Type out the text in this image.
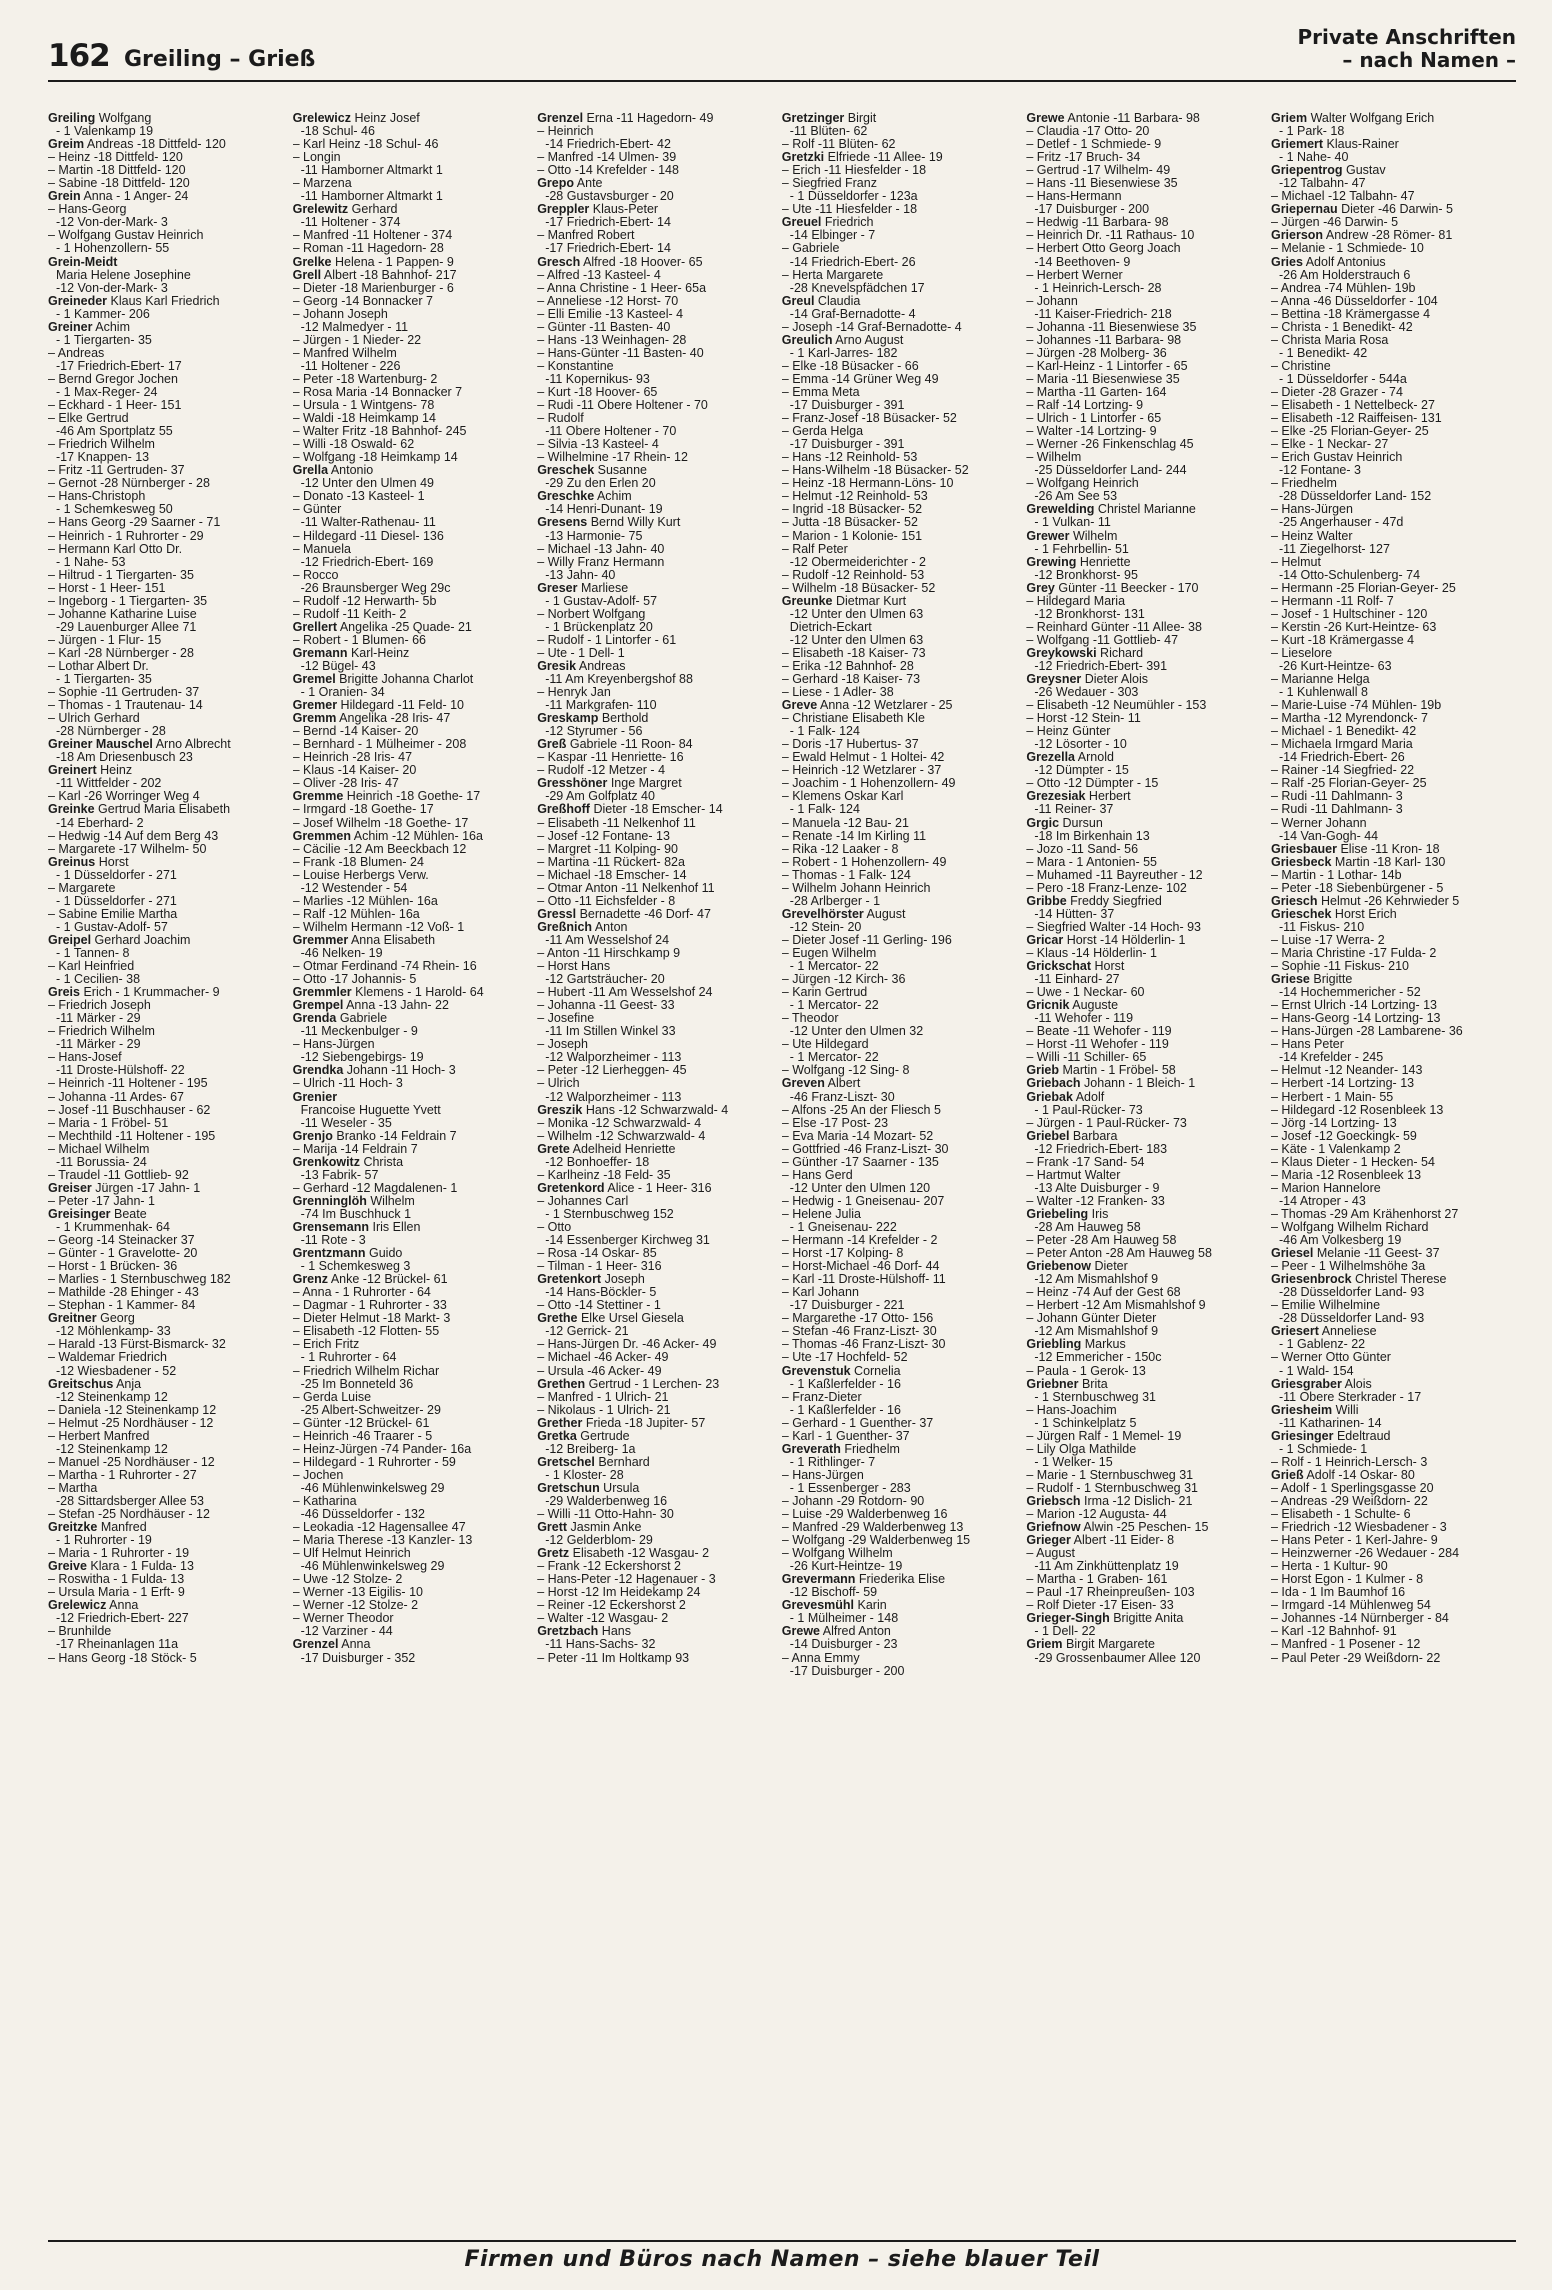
162 Greiling – Grieß
Private Anschriften
– nach Namen –
Greiling Wolfgang
- 1 Valenkamp 19
Greim Andreas -18 Dittfeld- 120
– Heinz -18 Dittfeld- 120
– Martin -18 Dittfeld- 120
– Sabine -18 Dittfeld- 120
Grein Anna - 1 Anger- 24
– Hans-Georg
-12 Von-der-Mark- 3
– Wolfgang Gustav Heinrich
- 1 Hohenzollern- 55
Grein-Meidt
Maria Helene Josephine
-12 Von-der-Mark- 3
Greineder Klaus Karl Friedrich
- 1 Kammer- 206
Greiner Achim
- 1 Tiergarten- 35
– Andreas
-17 Friedrich-Ebert- 17
– Bernd Gregor Jochen
- 1 Max-Reger- 24
– Eckhard - 1 Heer- 151
– Elke Gertrud
-46 Am Sportplatz 55
– Friedrich Wilhelm
-17 Knappen- 13
– Fritz -11 Gertruden- 37
– Gernot -28 Nürnberger - 28
– Hans-Christoph
- 1 Schemkesweg 50
– Hans Georg -29 Saarner - 71
– Heinrich - 1 Ruhrorter - 29
– Hermann Karl Otto Dr.
- 1 Nahe- 53
– Hiltrud - 1 Tiergarten- 35
– Horst - 1 Heer- 151
– Ingeborg - 1 Tiergarten- 35
– Johanne Katharine Luise
-29 Lauenburger Allee 71
– Jürgen - 1 Flur- 15
– Karl -28 Nürnberger - 28
– Lothar Albert Dr.
- 1 Tiergarten- 35
– Sophie -11 Gertruden- 37
– Thomas - 1 Trautenau- 14
– Ulrich Gerhard
-28 Nürnberger - 28
Greiner Mauschel Arno Albrecht
-18 Am Driesenbusch 23
Greinert Heinz
-11 Wittfelder - 202
– Karl -26 Worringer Weg 4
Greinke Gertrud Maria Elisabeth
-14 Eberhard- 2
– Hedwig -14 Auf dem Berg 43
– Margarete -17 Wilhelm- 50
Greinus Horst
- 1 Düsseldorfer - 271
– Margarete
- 1 Düsseldorfer - 271
– Sabine Emilie Martha
- 1 Gustav-Adolf- 57
Greipel Gerhard Joachim
- 1 Tannen- 8
– Karl Heinfried
- 1 Cecilien- 38
Greis Erich - 1 Krummacher- 9
– Friedrich Joseph
-11 Märker - 29
– Friedrich Wilhelm
-11 Märker - 29
– Hans-Josef
-11 Droste-Hülshoff- 22
– Heinrich -11 Holtener - 195
– Johanna -11 Ardes- 67
– Josef -11 Buschhauser - 62
– Maria - 1 Fröbel- 51
– Mechthild -11 Holtener - 195
– Michael Wilhelm
-11 Borussia- 24
– Traudel -11 Gottlieb- 92
Greiser Jürgen -17 Jahn- 1
– Peter -17 Jahn- 1
Greisinger Beate
- 1 Krummenhak- 64
– Georg -14 Steinacker 37
– Günter - 1 Gravelotte- 20
– Horst - 1 Brücken- 36
– Marlies - 1 Sternbuschweg 182
– Mathilde -28 Ehinger - 43
– Stephan - 1 Kammer- 84
Greitner Georg
-12 Möhlenkamp- 33
– Harald -13 Fürst-Bismarck- 32
– Waldemar Friedrich
-12 Wiesbadener - 52
Greitschus Anja
-12 Steinenkamp 12
– Daniela -12 Steinenkamp 12
– Helmut -25 Nordhäuser - 12
– Herbert Manfred
-12 Steinenkamp 12
– Manuel -25 Nordhäuser - 12
– Martha - 1 Ruhrorter - 27
– Martha
-28 Sittardsberger Allee 53
– Stefan -25 Nordhäuser - 12
Greitzke Manfred
- 1 Ruhrorter - 19
– Maria - 1 Ruhrorter - 19
Greive Klara - 1 Fulda- 13
– Roswitha - 1 Fulda- 13
– Ursula Maria - 1 Erft- 9
Grelewicz Anna
-12 Friedrich-Ebert- 227
– Brunhilde
-17 Rheinanlagen 11a
– Hans Georg -18 Stöck- 5
Grelewicz Heinz Josef
-18 Schul- 46
– Karl Heinz -18 Schul- 46
– Longin
-11 Hamborner Altmarkt 1
– Marzena
-11 Hamborner Altmarkt 1
Grelewitz Gerhard
-11 Holtener - 374
– Manfred -11 Holtener - 374
– Roman -11 Hagedorn- 28
Grelke Helena - 1 Pappen- 9
Grell Albert -18 Bahnhof- 217
– Dieter -18 Marienburger - 6
– Georg -14 Bonnacker 7
– Johann Joseph
-12 Malmedyer - 11
– Jürgen - 1 Nieder- 22
– Manfred Wilhelm
-11 Holtener - 226
– Peter -18 Wartenburg- 2
– Rosa Maria -14 Bonnacker 7
– Ursula - 1 Wintgens- 78
– Waldi -18 Heimkamp 14
– Walter Fritz -18 Bahnhof- 245
– Willi -18 Oswald- 62
– Wolfgang -18 Heimkamp 14
Grella Antonio
-12 Unter den Ulmen 49
– Donato -13 Kasteel- 1
– Günter
-11 Walter-Rathenau- 11
– Hildegard -11 Diesel- 136
– Manuela
-12 Friedrich-Ebert- 169
– Rocco
-26 Braunsberger Weg 29c
– Rudolf -12 Herwarth- 5b
– Rudolf -11 Keith- 2
Grellert Angelika -25 Quade- 21
– Robert - 1 Blumen- 66
Gremann Karl-Heinz
-12 Bügel- 43
Gremel Brigitte Johanna Charlot
- 1 Oranien- 34
Gremer Hildegard -11 Feld- 10
Gremm Angelika -28 Iris- 47
– Bernd -14 Kaiser- 20
– Bernhard - 1 Mülheimer - 208
– Heinrich -28 Iris- 47
– Klaus -14 Kaiser- 20
– Oliver -28 Iris- 47
Gremme Heinrich -18 Goethe- 17
– Irmgard -18 Goethe- 17
– Josef Wilhelm -18 Goethe- 17
Gremmen Achim -12 Mühlen- 16a
– Cäcilie -12 Am Beeckbach 12
– Frank -18 Blumen- 24
– Louise Herbergs Verw.
-12 Westender - 54
– Marlies -12 Mühlen- 16a
– Ralf -12 Mühlen- 16a
– Wilhelm Hermann -12 Voß- 1
Gremmer Anna Elisabeth
-46 Nelken- 19
– Otmar Ferdinand -74 Rhein- 16
– Otto -17 Johannis- 5
Gremmler Klemens - 1 Harold- 64
Grempel Anna -13 Jahn- 22
Grenda Gabriele
-11 Meckenbulger - 9
– Hans-Jürgen
-12 Siebengebirgs- 19
Grendka Johann -11 Hoch- 3
– Ulrich -11 Hoch- 3
Grenier
Francoise Huguette Yvett
-11 Weseler - 35
Grenjo Branko -14 Feldrain 7
– Marija -14 Feldrain 7
Grenkowitz Christa
-13 Fabrik- 57
– Gerhard -12 Magdalenen- 1
Grenninglöh Wilhelm
-74 Im Buschhuck 1
Grensemann Iris Ellen
-11 Rote - 3
Grentzmann Guido
- 1 Schemkesweg 3
Grenz Anke -12 Brückel- 61
– Anna - 1 Ruhrorter - 64
– Dagmar - 1 Ruhrorter - 33
– Dieter Helmut -18 Markt- 3
– Elisabeth -12 Flotten- 55
– Erich Fritz
- 1 Ruhrorter - 64
– Friedrich Wilhelm Richar
-25 Im Bonneteld 36
– Gerda Luise
-25 Albert-Schweitzer- 29
– Günter -12 Brückel- 61
– Heinrich -46 Traarer - 5
– Heinz-Jürgen -74 Pander- 16a
– Hildegard - 1 Ruhrorter - 59
– Jochen
-46 Mühlenwinkelsweg 29
– Katharina
-46 Düsseldorfer - 132
– Leokadia -12 Hagensallee 47
– Maria Therese -13 Kanzler- 13
– Ulf Helmut Heinrich
-46 Mühlenwinkelsweg 29
– Uwe -12 Stolze- 2
– Werner -13 Eigilis- 10
– Werner -12 Stolze- 2
– Werner Theodor
-12 Varziner - 44
Grenzel Anna
-17 Duisburger - 352
Grenzel Erna -11 Hagedorn- 49
– Heinrich
-14 Friedrich-Ebert- 42
– Manfred -14 Ulmen- 39
– Otto -14 Krefelder - 148
Grepo Ante
-28 Gustavsburger - 20
Greppler Klaus-Peter
-17 Friedrich-Ebert- 14
– Manfred Robert
-17 Friedrich-Ebert- 14
Gresch Alfred -18 Hoover- 65
– Alfred -13 Kasteel- 4
– Anna Christine - 1 Heer- 65a
– Anneliese -12 Horst- 70
– Elli Emilie -13 Kasteel- 4
– Günter -11 Basten- 40
– Hans -13 Weinhagen- 28
– Hans-Günter -11 Basten- 40
– Konstantine
-11 Kopernikus- 93
– Kurt -18 Hoover- 65
– Rudi -11 Obere Holtener - 70
– Rudolf
-11 Obere Holtener - 70
– Silvia -13 Kasteel- 4
– Wilhelmine -17 Rhein- 12
Greschek Susanne
-29 Zu den Erlen 20
Greschke Achim
-14 Henri-Dunant- 19
Gresens Bernd Willy Kurt
-13 Harmonie- 75
– Michael -13 Jahn- 40
– Willy Franz Hermann
-13 Jahn- 40
Greser Marliese
- 1 Gustav-Adolf- 57
– Norbert Wolfgang
- 1 Brückenplatz 20
– Rudolf - 1 Lintorfer - 61
– Ute - 1 Dell- 1
Gresik Andreas
-11 Am Kreyenbergshof 88
– Henryk Jan
-11 Markgrafen- 110
Greskamp Berthold
-12 Styrumer - 56
Greß Gabriele -11 Roon- 84
– Kaspar -11 Henriette- 16
– Rudolf -12 Metzer - 4
Gresshöner Inge Margret
-29 Am Golfplatz 40
Greßhoff Dieter -18 Emscher- 14
– Elisabeth -11 Nelkenhof 11
– Josef -12 Fontane- 13
– Margret -11 Kolping- 90
– Martina -11 Rückert- 82a
– Michael -18 Emscher- 14
– Otmar Anton -11 Nelkenhof 11
– Otto -11 Eichsfelder - 8
Gressl Bernadette -46 Dorf- 47
Greßnich Anton
-11 Am Wesselshof 24
– Anton -11 Hirschkamp 9
– Horst Hans
-12 Gartsträucher- 20
– Hubert -11 Am Wesselshof 24
– Johanna -11 Geest- 33
– Josefine
-11 Im Stillen Winkel 33
– Joseph
-12 Walporzheimer - 113
– Peter -12 Lierheggen- 45
– Ulrich
-12 Walporzheimer - 113
Greszik Hans -12 Schwarzwald- 4
– Monika -12 Schwarzwald- 4
– Wilhelm -12 Schwarzwald- 4
Grete Adelheid Henriette
-12 Bonhoeffer- 18
– Karlheinz -18 Feld- 35
Gretenkord Alice - 1 Heer- 316
– Johannes Carl
- 1 Sternbuschweg 152
– Otto
-14 Essenberger Kirchweg 31
– Rosa -14 Oskar- 85
– Tilman - 1 Heer- 316
Gretenkort Joseph
-14 Hans-Böckler- 5
– Otto -14 Stettiner - 1
Grethe Elke Ursel Giesela
-12 Gerrick- 21
– Hans-Jürgen Dr. -46 Acker- 49
– Michael -46 Acker- 49
– Ursula -46 Acker- 49
Grethen Gertrud - 1 Lerchen- 23
– Manfred - 1 Ulrich- 21
– Nikolaus - 1 Ulrich- 21
Grether Frieda -18 Jupiter- 57
Gretka Gertrude
-12 Breiberg- 1a
Gretschel Bernhard
- 1 Kloster- 28
Gretschun Ursula
-29 Walderbenweg 16
– Willi -11 Otto-Hahn- 30
Grett Jasmin Anke
-12 Gelderblom- 29
Gretz Elisabeth -12 Wasgau- 2
– Frank -12 Eckershorst 2
– Hans-Peter -12 Hagenauer - 3
– Horst -12 Im Heidekamp 24
– Reiner -12 Eckershorst 2
– Walter -12 Wasgau- 2
Gretzbach Hans
-11 Hans-Sachs- 32
– Peter -11 Im Holtkamp 93
Gretzinger Birgit
-11 Blüten- 62
– Rolf -11 Blüten- 62
Gretzki Elfriede -11 Allee- 19
– Erich -11 Hiesfelder - 18
– Siegfried Franz
- 1 Düsseldorfer - 123a
– Ute -11 Hiesfelder - 18
Greuel Friedrich
-14 Elbinger - 7
– Gabriele
-14 Friedrich-Ebert- 26
– Herta Margarete
-28 Knevelspfädchen 17
Greul Claudia
-14 Graf-Bernadotte- 4
– Joseph -14 Graf-Bernadotte- 4
Greulich Arno August
- 1 Karl-Jarres- 182
– Elke -18 Büsacker - 66
– Emma -14 Grüner Weg 49
– Emma Meta
-17 Duisburger - 391
– Franz-Josef -18 Büsacker- 52
– Gerda Helga
-17 Duisburger - 391
– Hans -12 Reinhold- 53
– Hans-Wilhelm -18 Büsacker- 52
– Heinz -18 Hermann-Löns- 10
– Helmut -12 Reinhold- 53
– Ingrid -18 Büsacker- 52
– Jutta -18 Büsacker- 52
– Marion - 1 Kolonie- 151
– Ralf Peter
-12 Obermeiderichter - 2
– Rudolf -12 Reinhold- 53
– Wilhelm -18 Büsacker- 52
Greunke Dietmar Kurt
-12 Unter den Ulmen 63
Dietrich-Eckart
-12 Unter den Ulmen 63
– Elisabeth -18 Kaiser- 73
– Erika -12 Bahnhof- 28
– Gerhard -18 Kaiser- 73
– Liese - 1 Adler- 38
Greve Anna -12 Wetzlarer - 25
– Christiane Elisabeth Kle
- 1 Falk- 124
– Doris -17 Hubertus- 37
– Ewald Helmut - 1 Holtei- 42
– Heinrich -12 Wetzlarer - 37
– Joachim - 1 Hohenzollern- 49
– Klemens Oskar Karl
- 1 Falk- 124
– Manuela -12 Bau- 21
– Renate -14 Im Kirling 11
– Rika -12 Laaker - 8
– Robert - 1 Hohenzollern- 49
– Thomas - 1 Falk- 124
– Wilhelm Johann Heinrich
-28 Arlberger - 1
Grevelhörster August
-12 Stein- 20
– Dieter Josef -11 Gerling- 196
– Eugen Wilhelm
- 1 Mercator- 22
– Jürgen -12 Kirch- 36
– Karin Gertrud
- 1 Mercator- 22
– Theodor
-12 Unter den Ulmen 32
– Ute Hildegard
- 1 Mercator- 22
– Wolfgang -12 Sing- 8
Greven Albert
-46 Franz-Liszt- 30
– Alfons -25 An der Fliesch 5
– Else -17 Post- 23
– Eva Maria -14 Mozart- 52
– Gottfried -46 Franz-Liszt- 30
– Günther -17 Saarner - 135
– Hans Gerd
-12 Unter den Ulmen 120
– Hedwig - 1 Gneisenau- 207
– Helene Julia
- 1 Gneisenau- 222
– Hermann -14 Krefelder - 2
– Horst -17 Kolping- 8
– Horst-Michael -46 Dorf- 44
– Karl -11 Droste-Hülshoff- 11
– Karl Johann
-17 Duisburger - 221
– Margarethe -17 Otto- 156
– Stefan -46 Franz-Liszt- 30
– Thomas -46 Franz-Liszt- 30
– Ute -17 Hochfeld- 52
Grevenstuk Cornelia
- 1 Kaßlerfelder - 16
– Franz-Dieter
- 1 Kaßlerfelder - 16
– Gerhard - 1 Guenther- 37
– Karl - 1 Guenther- 37
Greverath Friedhelm
- 1 Rithlinger- 7
– Hans-Jürgen
- 1 Essenberger - 283
– Johann -29 Rotdorn- 90
– Luise -29 Walderbenweg 16
– Manfred -29 Walderbenweg 13
– Wolfgang -29 Walderbenweg 15
– Wolfgang Wilhelm
-26 Kurt-Heintze- 19
Grevermann Friederika Elise
-12 Bischoff- 59
Grevesmühl Karin
- 1 Mülheimer - 148
Grewe Alfred Anton
-14 Duisburger - 23
– Anna Emmy
-17 Duisburger - 200
Grewe Antonie -11 Barbara- 98
– Claudia -17 Otto- 20
– Detlef - 1 Schmiede- 9
– Fritz -17 Bruch- 34
– Gertrud -17 Wilhelm- 49
– Hans -11 Biesenwiese 35
– Hans-Hermann
-17 Duisburger - 200
– Hedwig -11 Barbara- 98
– Heinrich Dr. -11 Rathaus- 10
– Herbert Otto Georg Joach
-14 Beethoven- 9
– Herbert Werner
- 1 Heinrich-Lersch- 28
– Johann
-11 Kaiser-Friedrich- 218
– Johanna -11 Biesenwiese 35
– Johannes -11 Barbara- 98
– Jürgen -28 Molberg- 36
– Karl-Heinz - 1 Lintorfer - 65
– Maria -11 Biesenwiese 35
– Martha -11 Garten- 164
– Ralf -14 Lortzing- 9
– Ulrich - 1 Lintorfer - 65
– Walter -14 Lortzing- 9
– Werner -26 Finkenschlag 45
– Wilhelm
-25 Düsseldorfer Land- 244
– Wolfgang Heinrich
-26 Am See 53
Grewelding Christel Marianne
- 1 Vulkan- 11
Grewer Wilhelm
- 1 Fehrbellin- 51
Grewing Henriette
-12 Bronkhorst- 95
Grey Günter -11 Beecker - 170
– Hildegard Maria
-12 Bronkhorst- 131
– Reinhard Günter -11 Allee- 38
– Wolfgang -11 Gottlieb- 47
Greykowski Richard
-12 Friedrich-Ebert- 391
Greysner Dieter Alois
-26 Wedauer - 303
– Elisabeth -12 Neumühler - 153
– Horst -12 Stein- 11
– Heinz Günter
-12 Lösorter - 10
Grezella Arnold
-12 Dümpter - 15
– Otto -12 Dümpter - 15
Grezesiak Herbert
-11 Reiner- 37
Grgic Dursun
-18 Im Birkenhain 13
– Jozo -11 Sand- 56
– Mara - 1 Antonien- 55
– Muhamed -11 Bayreuther - 12
– Pero -18 Franz-Lenze- 102
Gribbe Freddy Siegfried
-14 Hütten- 37
– Siegfried Walter -14 Hoch- 93
Gricar Horst -14 Hölderlin- 1
– Klaus -14 Hölderlin- 1
Grickschat Horst
-11 Einhard- 27
– Uwe - 1 Neckar- 60
Gricnik Auguste
-11 Wehofer - 119
– Beate -11 Wehofer - 119
– Horst -11 Wehofer - 119
– Willi -11 Schiller- 65
Grieb Martin - 1 Fröbel- 58
Griebach Johann - 1 Bleich- 1
Griebak Adolf
- 1 Paul-Rücker- 73
– Jürgen - 1 Paul-Rücker- 73
Griebel Barbara
-12 Friedrich-Ebert- 183
– Frank -17 Sand- 54
– Hartmut Walter
-13 Alte Duisburger - 9
– Walter -12 Franken- 33
Griebeling Iris
-28 Am Hauweg 58
– Peter -28 Am Hauweg 58
– Peter Anton -28 Am Hauweg 58
Griebenow Dieter
-12 Am Mismahlshof 9
– Heinz -74 Auf der Gest 68
– Herbert -12 Am Mismahlshof 9
– Johann Günter Dieter
-12 Am Mismahlshof 9
Griebling Markus
-12 Emmericher - 150c
– Paula - 1 Gerok- 13
Griebner Brita
- 1 Sternbuschweg 31
– Hans-Joachim
- 1 Schinkelplatz 5
– Jürgen Ralf - 1 Memel- 19
– Lily Olga Mathilde
- 1 Welker- 15
– Marie - 1 Sternbuschweg 31
– Rudolf - 1 Sternbuschweg 31
Griebsch Irma -12 Dislich- 21
– Marion -12 Augusta- 44
Griefnow Alwin -25 Peschen- 15
Grieger Albert -11 Eider- 8
– August
-11 Am Zinkhüttenplatz 19
– Martha - 1 Graben- 161
– Paul -17 Rheinpreußen- 103
– Rolf Dieter -17 Eisen- 33
Grieger-Singh Brigitte Anita
- 1 Dell- 22
Griem Birgit Margarete
-29 Grossenbaumer Allee 120
Griem Walter Wolfgang Erich
- 1 Park- 18
Griemert Klaus-Rainer
- 1 Nahe- 40
Griepentrog Gustav
-12 Talbahn- 47
– Michael -12 Talbahn- 47
Griepernau Dieter -46 Darwin- 5
– Jürgen -46 Darwin- 5
Grierson Andrew -28 Römer- 81
– Melanie - 1 Schmiede- 10
Gries Adolf Antonius
-26 Am Holderstrauch 6
– Andrea -74 Mühlen- 19b
– Anna -46 Düsseldorfer - 104
– Bettina -18 Krämergasse 4
– Christa - 1 Benedikt- 42
– Christa Maria Rosa
- 1 Benedikt- 42
– Christine
- 1 Düsseldorfer - 544a
– Dieter -28 Grazer - 74
– Elisabeth - 1 Nettelbeck- 27
– Elisabeth -12 Raiffeisen- 131
– Elke -25 Florian-Geyer- 25
– Elke - 1 Neckar- 27
– Erich Gustav Heinrich
-12 Fontane- 3
– Friedhelm
-28 Düsseldorfer Land- 152
– Hans-Jürgen
-25 Angerhauser - 47d
– Heinz Walter
-11 Ziegelhorst- 127
– Helmut
-14 Otto-Schulenberg- 74
– Hermann -25 Florian-Geyer- 25
– Hermann -11 Rolf- 7
– Josef - 1 Hultschiner - 120
– Kerstin -26 Kurt-Heintze- 63
– Kurt -18 Krämergasse 4
– Lieselore
-26 Kurt-Heintze- 63
– Marianne Helga
- 1 Kuhlenwall 8
– Marie-Luise -74 Mühlen- 19b
– Martha -12 Myrendonck- 7
– Michael - 1 Benedikt- 42
– Michaela Irmgard Maria
-14 Friedrich-Ebert- 26
– Rainer -14 Siegfried- 22
– Ralf -25 Florian-Geyer- 25
– Rudi -11 Dahlmann- 3
– Rudi -11 Dahlmann- 3
– Werner Johann
-14 Van-Gogh- 44
Griesbauer Elise -11 Kron- 18
Griesbeck Martin -18 Karl- 130
– Martin - 1 Lothar- 14b
– Peter -18 Siebenbürgener - 5
Griesch Helmut -26 Kehrwieder 5
Grieschek Horst Erich
-11 Fiskus- 210
– Luise -17 Werra- 2
– Maria Christine -17 Fulda- 2
– Sophie -11 Fiskus- 210
Griese Brigitte
-14 Hochemmericher - 52
– Ernst Ulrich -14 Lortzing- 13
– Hans-Georg -14 Lortzing- 13
– Hans-Jürgen -28 Lambarene- 36
– Hans Peter
-14 Krefelder - 245
– Helmut -12 Neander- 143
– Herbert -14 Lortzing- 13
– Herbert - 1 Main- 55
– Hildegard -12 Rosenbleek 13
– Jörg -14 Lortzing- 13
– Josef -12 Goeckingk- 59
– Käte - 1 Valenkamp 2
– Klaus Dieter - 1 Hecken- 54
– Maria -12 Rosenbleek 13
– Marion Hannelore
-14 Atroper - 43
– Thomas -29 Am Krähenhorst 27
– Wolfgang Wilhelm Richard
-46 Am Volkesberg 19
Griesel Melanie -11 Geest- 37
– Peer - 1 Wilhelmshöhe 3a
Griesenbrock Christel Therese
-28 Düsseldorfer Land- 93
– Emilie Wilhelmine
-28 Düsseldorfer Land- 93
Griesert Anneliese
- 1 Gablenz- 22
– Werner Otto Günter
- 1 Wald- 154
Griesgraber Alois
-11 Obere Sterkrader - 17
Griesheim Willi
-11 Katharinen- 14
Griesinger Edeltraud
- 1 Schmiede- 1
– Rolf - 1 Heinrich-Lersch- 3
Grieß Adolf -14 Oskar- 80
– Adolf - 1 Sperlingsgasse 20
– Andreas -29 Weißdorn- 22
– Elisabeth - 1 Schulte- 6
– Friedrich -12 Wiesbadener - 3
– Hans Peter - 1 Kerl-Jahre- 9
– Heinzwerner -26 Wedauer - 284
– Herta - 1 Kultur- 90
– Horst Egon - 1 Kulmer - 8
– Ida - 1 Im Baumhof 16
– Irmgard -14 Mühlenweg 54
– Johannes -14 Nürnberger - 84
– Karl -12 Bahnhof- 91
– Manfred - 1 Posener - 12
– Paul Peter -29 Weißdorn- 22
Firmen und Büros nach Namen – siehe blauer Teil
